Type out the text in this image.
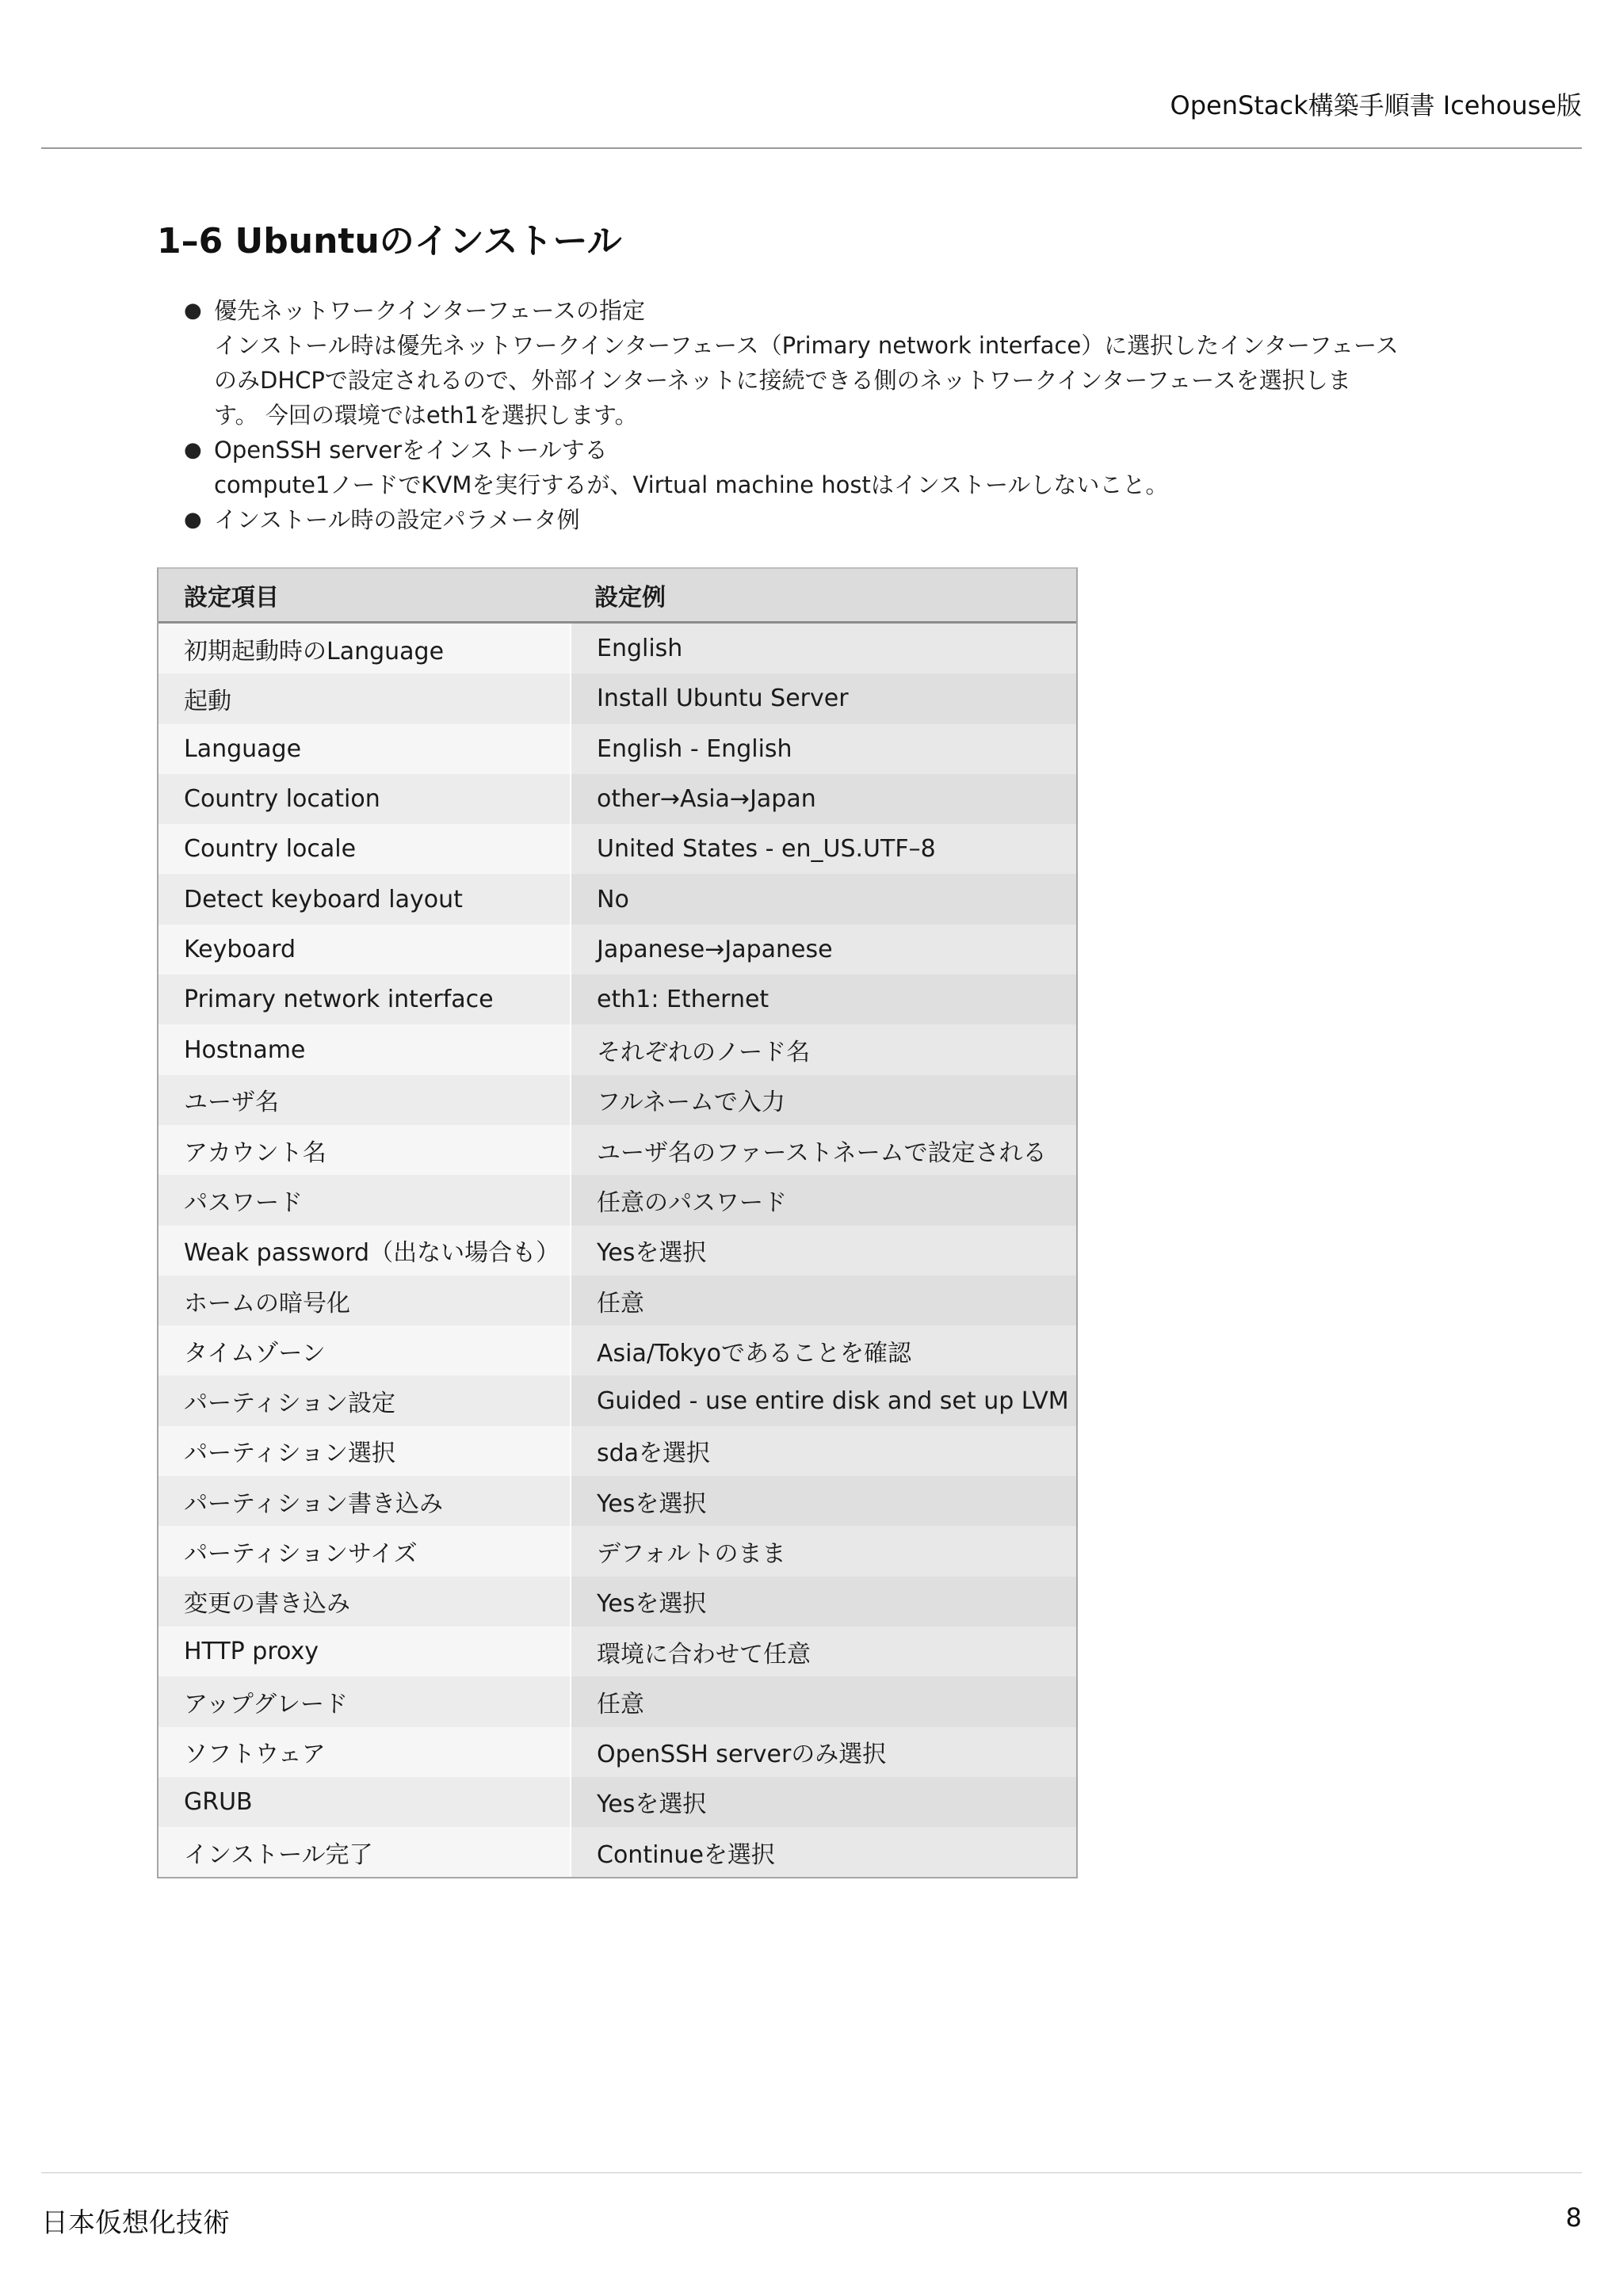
OpenStack構築手順書 Icehouse版
1–6 Ubuntuのインストール
● 優先ネットワークインターフェースの指定
インストール時は優先ネットワークインターフェース（Primary network interface）に選択したインターフェース
のみDHCPで設定されるので、外部インターネットに接続できる側のネットワークインターフェースを選択しま
す。 今回の環境ではeth1を選択します。
● OpenSSH serverをインストールする
compute1ノードでKVMを実行するが、Virtual machine hostはインストールしないこと。
● インストール時の設定パラメータ例
設定項目	設定例
初期起動時のLanguage	English
起動	Install Ubuntu Server
Language	English - English
Country location	other→Asia→Japan
Country locale	United States - en_US.UTF–8
Detect keyboard layout	No
Keyboard	Japanese→Japanese
Primary network interface	eth1: Ethernet
Hostname	それぞれのノード名
ユーザ名	フルネームで入力
アカウント名	ユーザ名のファーストネームで設定される
パスワード	任意のパスワード
Weak password（出ない場合も）	Yesを選択
ホームの暗号化	任意
タイムゾーン	Asia/Tokyoであることを確認
パーティション設定	Guided - use entire disk and set up LVM
パーティション選択	sdaを選択
パーティション書き込み	Yesを選択
パーティションサイズ	デフォルトのまま
変更の書き込み	Yesを選択
HTTP proxy	環境に合わせて任意
アップグレード	任意
ソフトウェア	OpenSSH serverのみ選択
GRUB	Yesを選択
インストール完了	Continueを選択
日本仮想化技術	8
